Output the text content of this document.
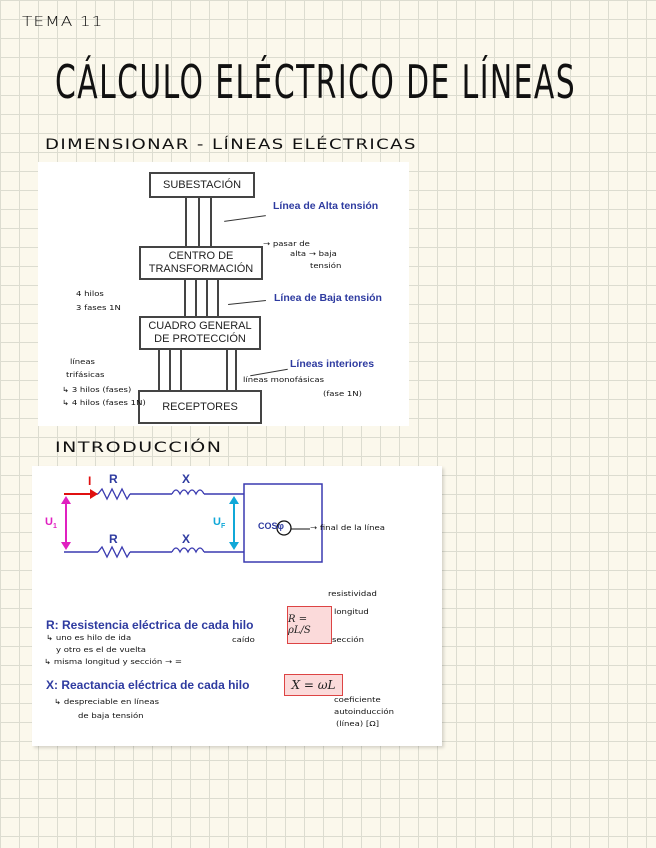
TEMA 11
CÁLCULO ELÉCTRICO DE LÍNEAS
DIMENSIONAR - LÍNEAS ELÉCTRICAS
SUBESTACIÓN
CENTRO DE
TRANSFORMACIÓN
CUADRO GENERAL
DE PROTECCIÓN
RECEPTORES
Línea de Alta tensión
Línea de Baja tensión
Líneas interiores
→ pasar de
alta → baja
tensión
4 hilos
3 fases 1N
líneas
trifásicas
↳ 3 hilos (fases)
↳ 4 hilos (fases 1N)
líneas monofásicas
(fase 1N)
INTRODUCCIÓN
I R	X
R	X
$U_1$	$U_F$	COSφ	→ final de la línea
R: Resistencia eléctrica de cada hilo
↳ uno es hilo de ida	caído
y otro es el de vuelta
↳ misma longitud y sección → =
R = ρL/S
resistividad
longitud
sección
X: Reactancia eléctrica de cada hilo
↳ despreciable en líneas
de baja tensión
X = ωL
coeficiente
autoinducción
(línea) [Ω]
